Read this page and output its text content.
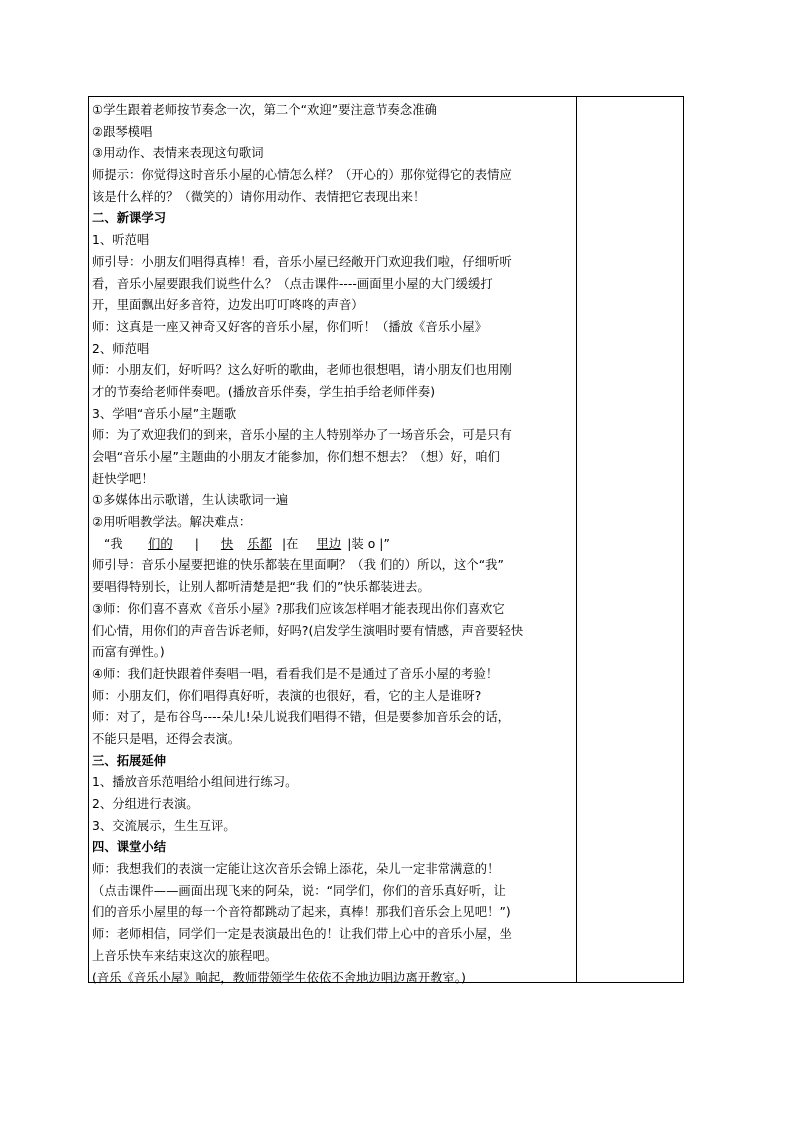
①学生跟着老师按节奏念一次，第二个“欢迎”要注意节奏念准确
②跟琴模唱
③用动作、表情来表现这句歌词
师提示：你觉得这时音乐小屋的心情怎么样？（开心的）那你觉得它的表情应
该是什么样的？（微笑的）请你用动作、表情把它表现出来！
二、新课学习
1、听范唱
师引导：小朋友们唱得真棒！看，音乐小屋已经敞开门欢迎我们啦，仔细听听
看，音乐小屋要跟我们说些什么？（点击课件----画面里小屋的大门缓缓打
开，里面飘出好多音符，边发出叮叮咚咚的声音）
师：这真是一座又神奇又好客的音乐小屋，你们听！（播放《音乐小屋》
2、师范唱
师：小朋友们，好听吗？这么好听的歌曲，老师也很想唱，请小朋友们也用刚
才的节奏给老师伴奏吧。(播放音乐伴奏，学生拍手给老师伴奏)
3、学唱“音乐小屋”主题歌
师：为了欢迎我们的到来，音乐小屋的主人特别举办了一场音乐会，可是只有
会唱“音乐小屋”主题曲的小朋友才能参加，你们想不想去？（想）好，咱们
赶快学吧！
①多媒体出示歌谱，生认读歌词一遍
②用听唱教学法。解决难点：
“我 们的 | 快 乐都 |在 里边 |装 o |”
师引导：音乐小屋要把谁的快乐都装在里面啊？（我 们的）所以，这个“我”
要唱得特别长，让别人都听清楚是把“我 们的”快乐都装进去。
③师：你们喜不喜欢《音乐小屋》?那我们应该怎样唱才能表现出你们喜欢它
们心情，用你们的声音告诉老师，好吗?(启发学生演唱时要有情感，声音要轻快
而富有弹性。)
④师：我们赶快跟着伴奏唱一唱，看看我们是不是通过了音乐小屋的考验！
师：小朋友们，你们唱得真好听，表演的也很好，看，它的主人是谁呀?
师：对了，是布谷鸟----朵儿!朵儿说我们唱得不错，但是要参加音乐会的话，
不能只是唱，还得会表演。
三、拓展延伸
1、播放音乐范唱给小组间进行练习。
2、分组进行表演。
3、交流展示，生生互评。
四、课堂小结
师：我想我们的表演一定能让这次音乐会锦上添花，朵儿一定非常满意的！
（点击课件——画面出现飞来的阿朵，说：“同学们，你们的音乐真好听，让
们的音乐小屋里的每一个音符都跳动了起来，真棒！那我们音乐会上见吧！”)
师：老师相信，同学们一定是表演最出色的！让我们带上心中的音乐小屋，坐
上音乐快车来结束这次的旅程吧。
(音乐《音乐小屋》响起，教师带领学生依依不舍地边唱边离开教室。)
